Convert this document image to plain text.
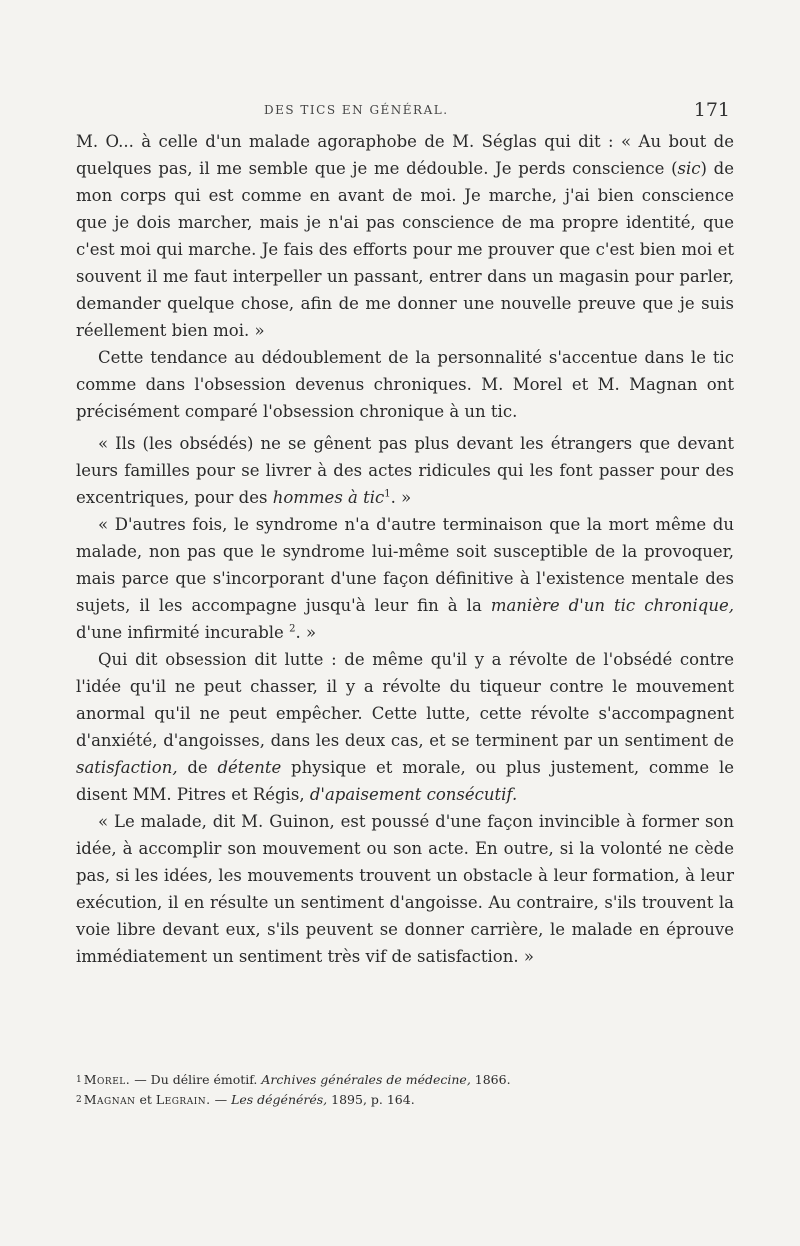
DES TICS EN GÉNÉRAL.	171

M. O... à celle d'un malade agoraphobe de M. Séglas qui dit : « Au bout de quelques pas, il me semble que je me dédouble. Je perds conscience (sic) de mon corps qui est comme en avant de moi. Je marche, j'ai bien conscience que je dois marcher, mais je n'ai pas conscience de ma propre identité, que c'est moi qui marche. Je fais des efforts pour me prouver que c'est bien moi et souvent il me faut interpeller un passant, entrer dans un magasin pour parler, demander quelque chose, afin de me donner une nouvelle preuve que je suis réellement bien moi. »

Cette tendance au dédoublement de la personnalité s'accentue dans le tic comme dans l'obsession devenus chroniques. M. Morel et M. Magnan ont précisément comparé l'obsession chronique à un tic.

« Ils (les obsédés) ne se gênent pas plus devant les étrangers que devant leurs familles pour se livrer à des actes ridicules qui les font passer pour des excentriques, pour des hommes à tic$^1$. »

« D'autres fois, le syndrome n'a d'autre terminaison que la mort même du malade, non pas que le syndrome lui-même soit susceptible de la provoquer, mais parce que s'incorporant d'une façon définitive à l'existence mentale des sujets, il les accompagne jusqu'à leur fin à la manière d'un tic chronique, d'une infirmité incurable $^2$. »

Qui dit obsession dit lutte : de même qu'il y a révolte de l'obsédé contre l'idée qu'il ne peut chasser, il y a révolte du tiqueur contre le mouvement anormal qu'il ne peut empêcher. Cette lutte, cette révolte s'accompagnent d'anxiété, d'angoisses, dans les deux cas, et se terminent par un sentiment de satisfaction, de détente physique et morale, ou plus justement, comme le disent MM. Pitres et Régis, d'apaisement consécutif.

« Le malade, dit M. Guinon, est poussé d'une façon invincible à former son idée, à accomplir son mouvement ou son acte. En outre, si la volonté ne cède pas, si les idées, les mouvements trouvent un obstacle à leur formation, à leur exécution, il en résulte un sentiment d'angoisse. Au contraire, s'ils trouvent la voie libre devant eux, s'ils peuvent se donner carrière, le malade en éprouve immédiatement un sentiment très vif de satisfaction. »

$^1$ Morel. — Du délire émotif. Archives générales de médecine, 1866.
$^2$ Magnan et Legrain. — Les dégénérés, 1895, p. 164.
